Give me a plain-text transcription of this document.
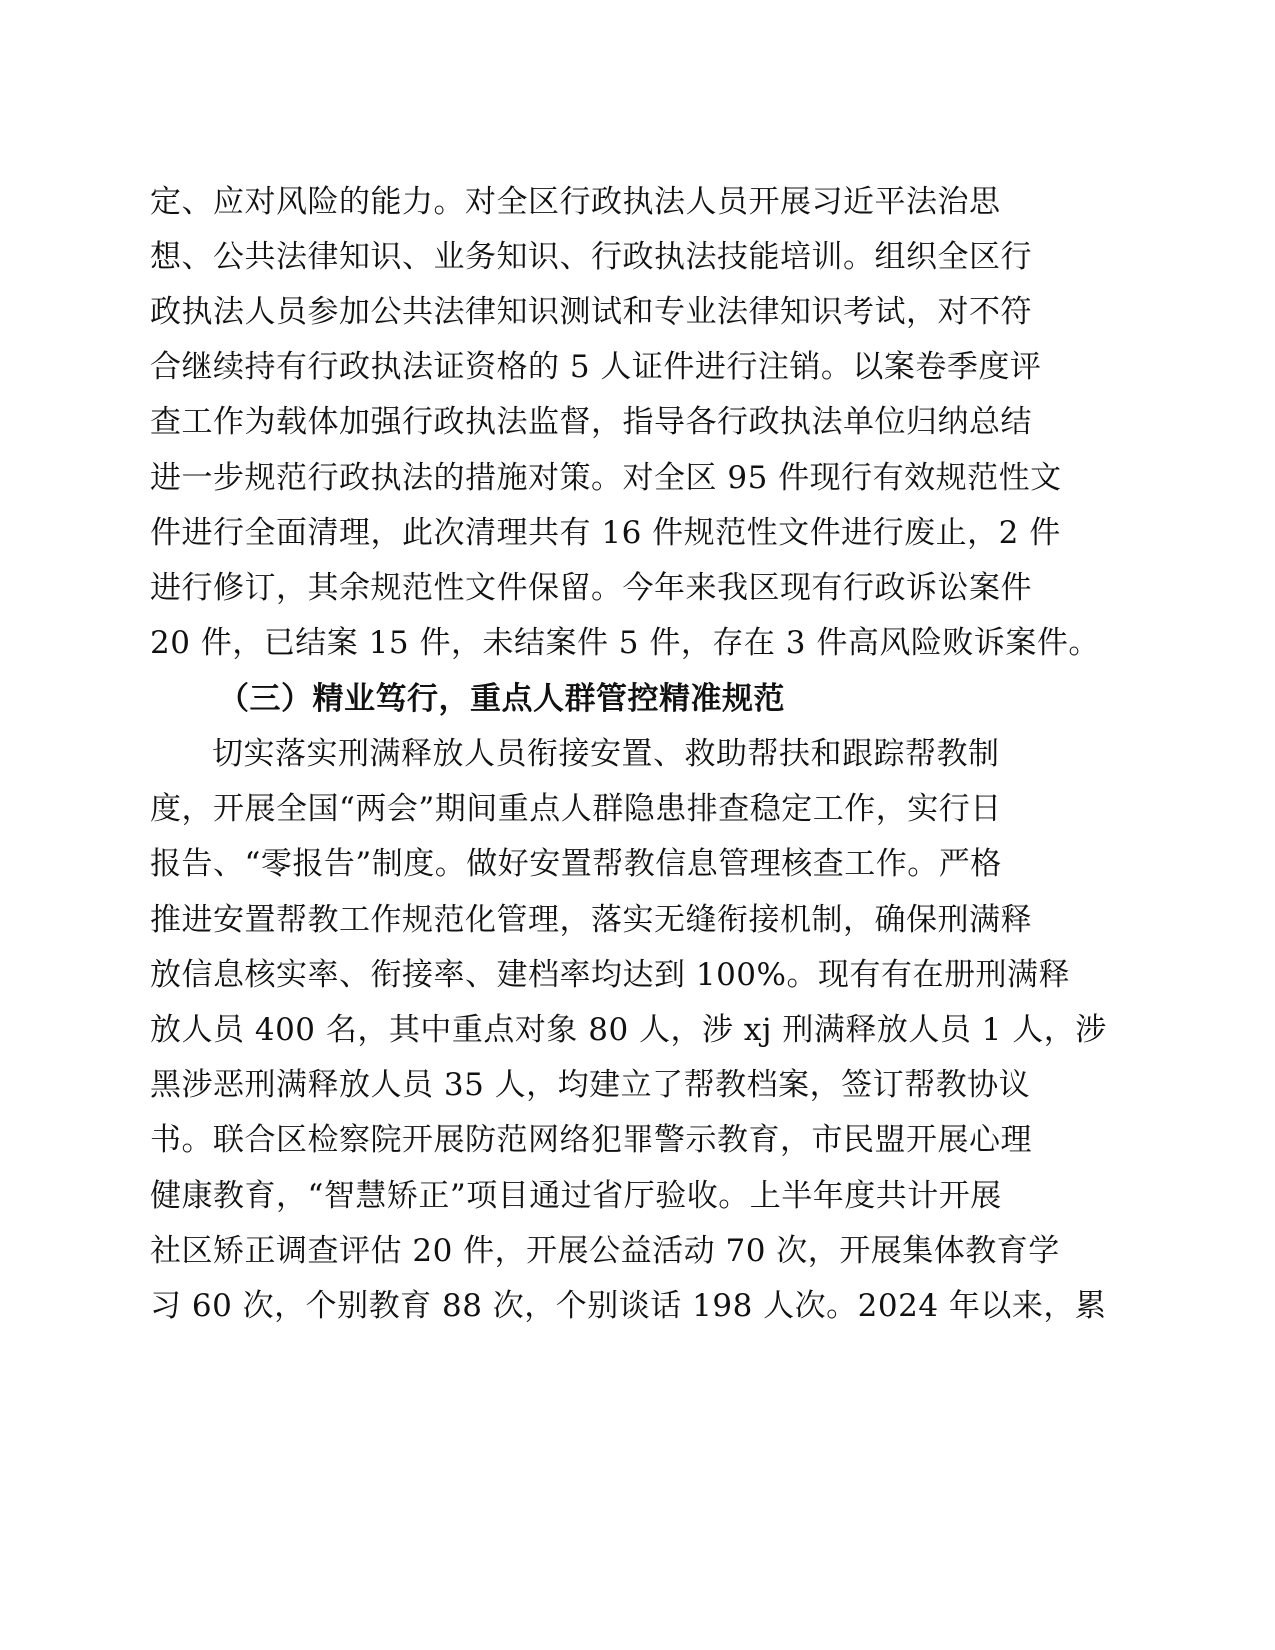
定、应对风险的能力。对全区行政执法人员开展习近平法治思

想、公共法律知识、业务知识、行政执法技能培训。组织全区行

政执法人员参加公共法律知识测试和专业法律知识考试，对不符

合继续持有行政执法证资格的 5 人证件进行注销。以案卷季度评

查工作为载体加强行政执法监督，指导各行政执法单位归纳总结

进一步规范行政执法的措施对策。对全区 95 件现行有效规范性文

件进行全面清理，此次清理共有 16 件规范性文件进行废止，2 件

进行修订，其余规范性文件保留。今年来我区现有行政诉讼案件

20 件，已结案 15 件，未结案件 5 件，存在 3 件高风险败诉案件。

（三）精业笃行，重点人群管控精准规范

切实落实刑满释放人员衔接安置、救助帮扶和跟踪帮教制

度，开展全国“两会”期间重点人群隐患排查稳定工作，实行日

报告、“零报告”制度。做好安置帮教信息管理核查工作。严格

推进安置帮教工作规范化管理，落实无缝衔接机制，确保刑满释

放信息核实率、衔接率、建档率均达到 100%。现有有在册刑满释

放人员 400 名，其中重点对象 80 人，涉 xj 刑满释放人员 1 人，涉

黑涉恶刑满释放人员 35 人，均建立了帮教档案，签订帮教协议

书。联合区检察院开展防范网络犯罪警示教育，市民盟开展心理

健康教育，“智慧矫正”项目通过省厅验收。上半年度共计开展

社区矫正调查评估 20 件，开展公益活动 70 次，开展集体教育学

习 60 次，个别教育 88 次，个别谈话 198 人次。2024 年以来，累
